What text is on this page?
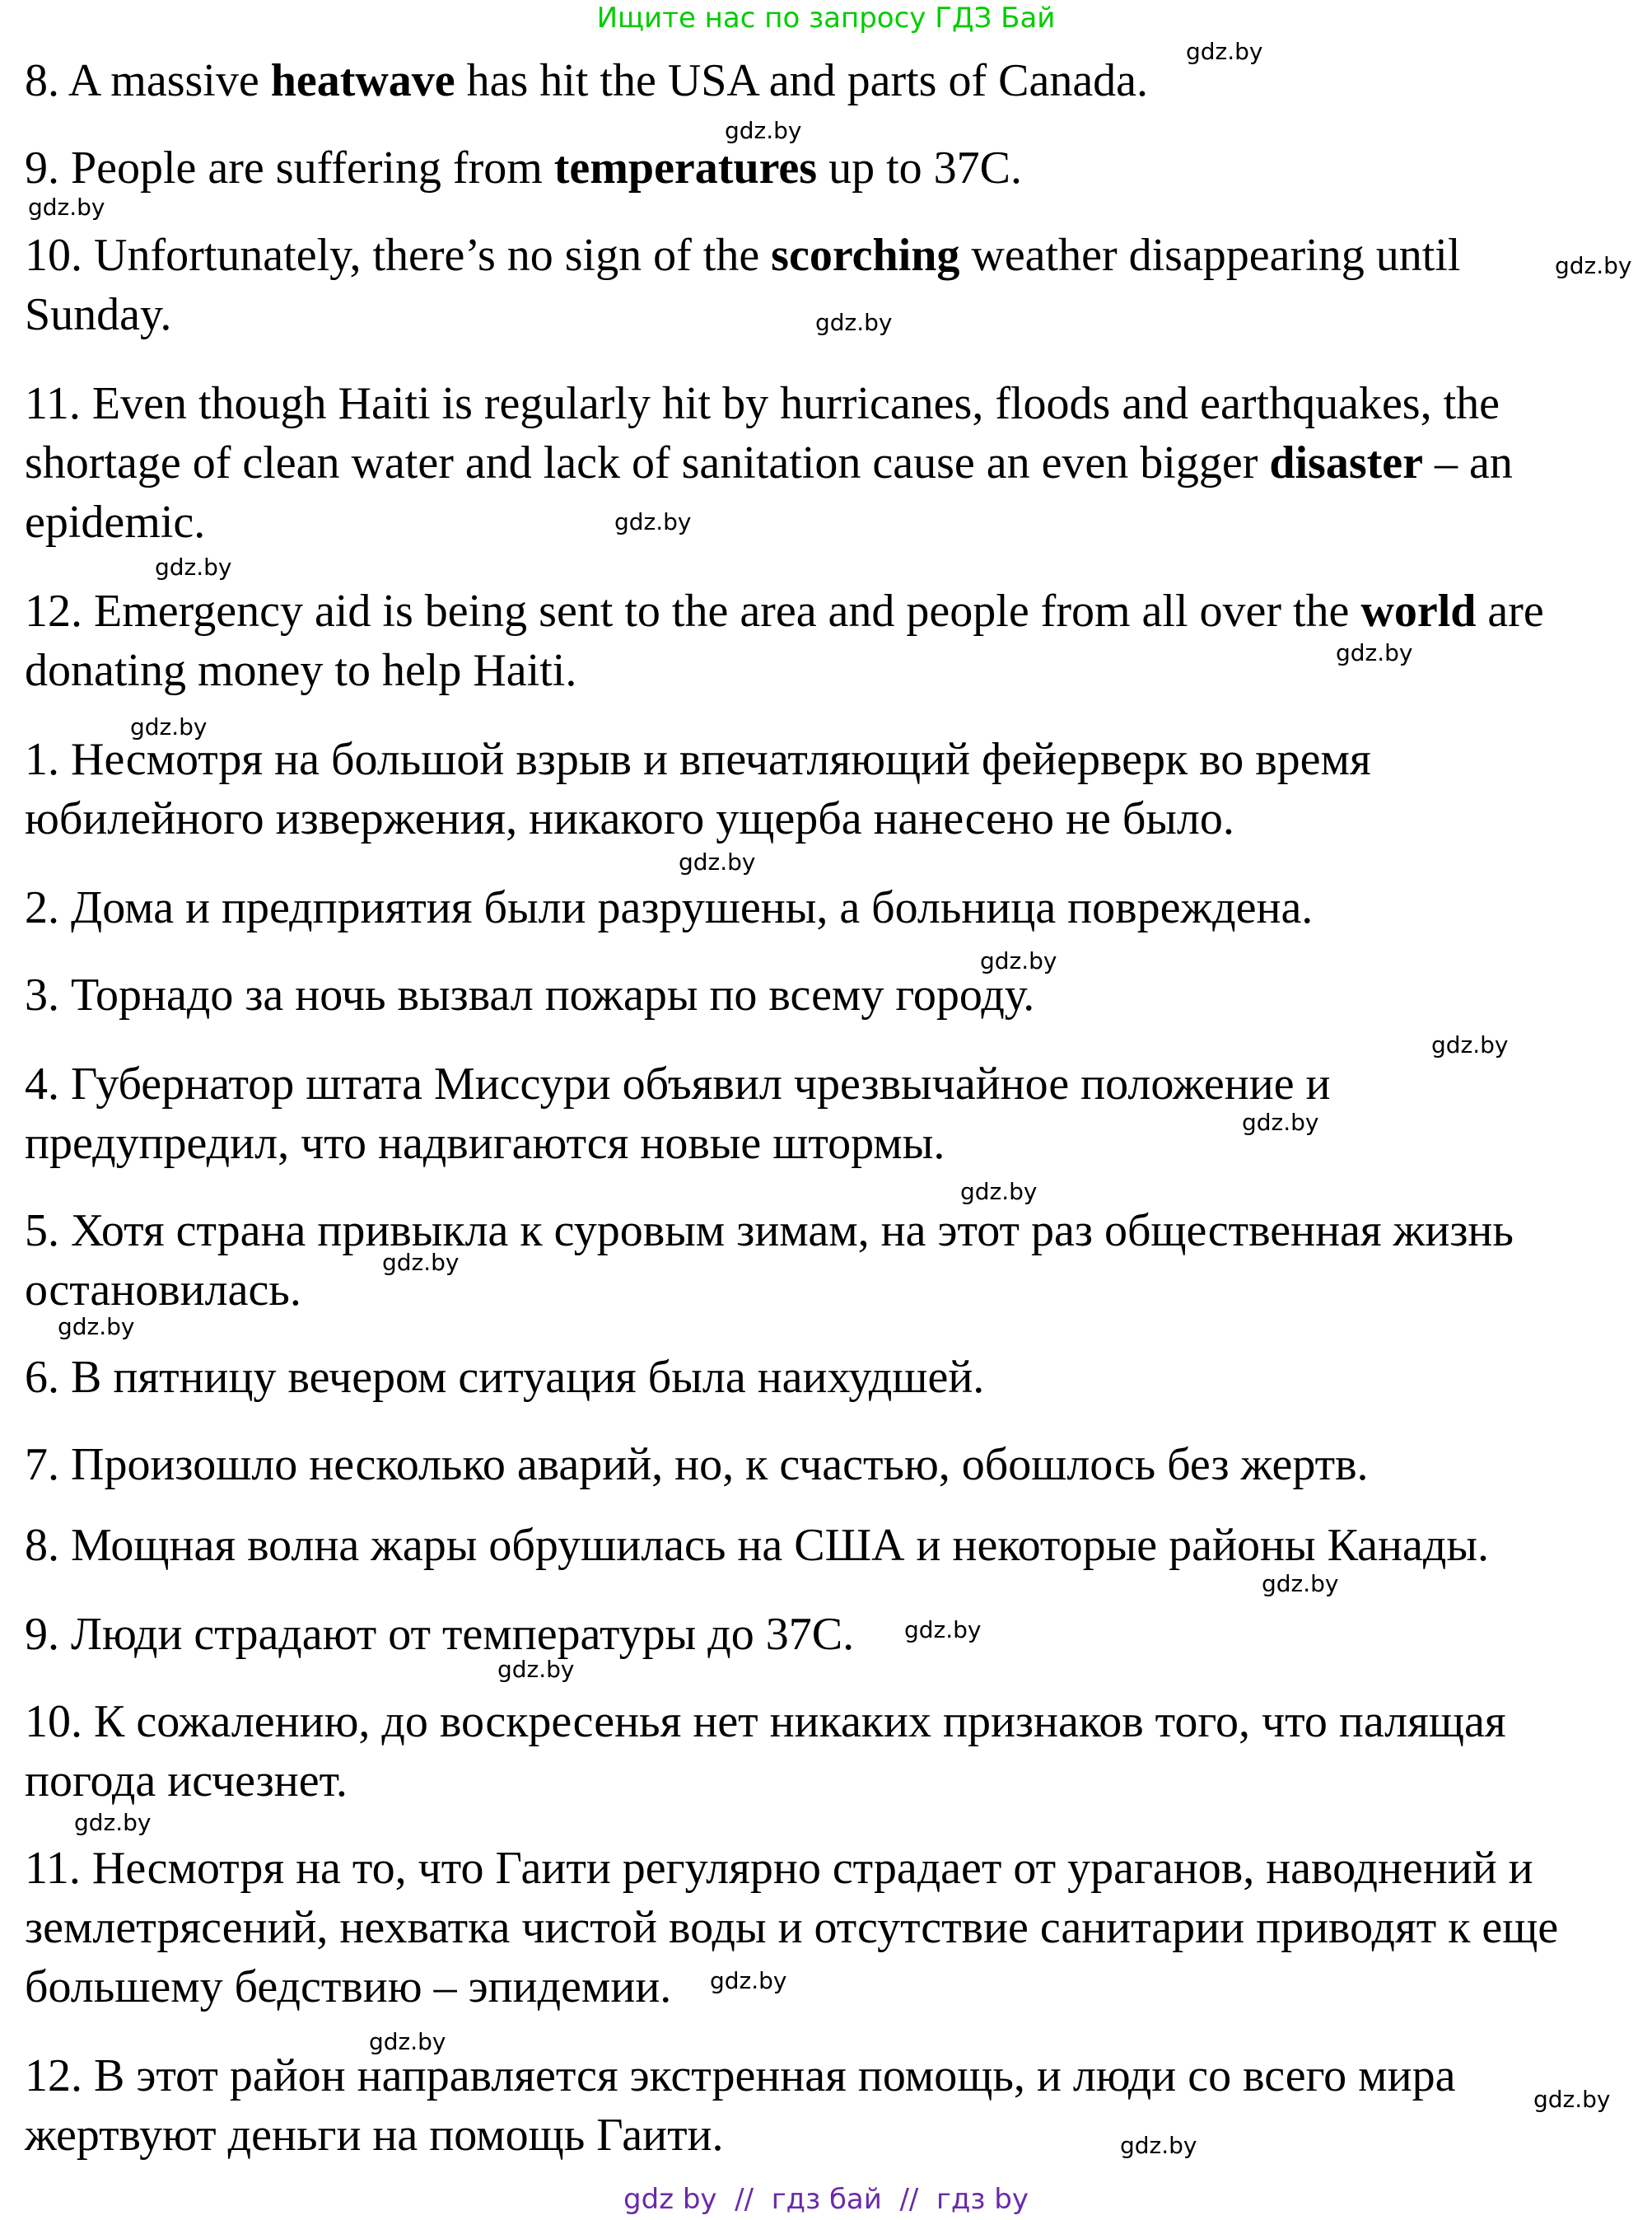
Ищите нас по запросу ГДЗ Бай

8. A massive heatwave has hit the USA and parts of Canada.

9. People are suffering from temperatures up to 37C.

10. Unfortunately, there’s no sign of the scorching weather disappearing until
Sunday.

11. Even though Haiti is regularly hit by hurricanes, floods and earthquakes, the
shortage of clean water and lack of sanitation cause an even bigger disaster – an
epidemic.

12. Emergency aid is being sent to the area and people from all over the world are
donating money to help Haiti.

1. Несмотря на большой взрыв и впечатляющий фейерверк во время
юбилейного извержения, никакого ущерба нанесено не было.

2. Дома и предприятия были разрушены, а больница повреждена.

3. Торнадо за ночь вызвал пожары по всему городу.

4. Губернатор штата Миссури объявил чрезвычайное положение и
предупредил, что надвигаются новые штормы.

5. Хотя страна привыкла к суровым зимам, на этот раз общественная жизнь
остановилась.

6. В пятницу вечером ситуация была наихудшей.

7. Произошло несколько аварий, но, к счастью, обошлось без жертв.

8. Мощная волна жары обрушилась на США и некоторые районы Канады.

9. Люди страдают от температуры до 37С.

10. К сожалению, до воскресенья нет никаких признаков того, что палящая
погода исчезнет.

11. Несмотря на то, что Гаити регулярно страдает от ураганов, наводнений и
землетрясений, нехватка чистой воды и отсутствие санитарии приводят к еще
большему бедствию – эпидемии.

12. В этот район направляется экстренная помощь, и люди со всего мира
жертвуют деньги на помощь Гаити.

gdz.by
gdz.by
gdz.by
gdz.by
gdz.by
gdz.by
gdz.by
gdz.by
gdz.by
gdz.by
gdz.by
gdz.by
gdz.by
gdz.by
gdz.by
gdz.by
gdz.by
gdz.by
gdz.by
gdz.by
gdz.by
gdz.by
gdz.by
gdz.by
gdz by  //  гдз бай  //  гдз by
